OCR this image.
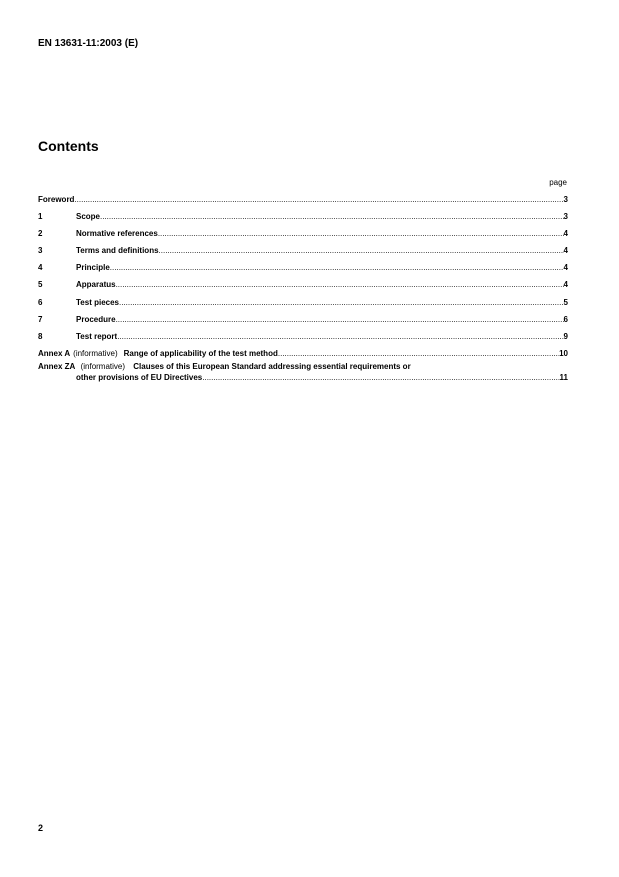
EN 13631-11:2003 (E)
Contents
page
Foreword .....	3
1	Scope .....	3
2	Normative references .....	4
3	Terms and definitions .....	4
4	Principle .....	4
5	Apparatus .....	4
6	Test pieces .....	5
7	Procedure .....	6
8	Test report .....	9
Annex A (informative) Range of applicability of the test method .....	10
Annex ZA (informative) Clauses of this European Standard addressing essential requirements or
other provisions of EU Directives .....	11
2
